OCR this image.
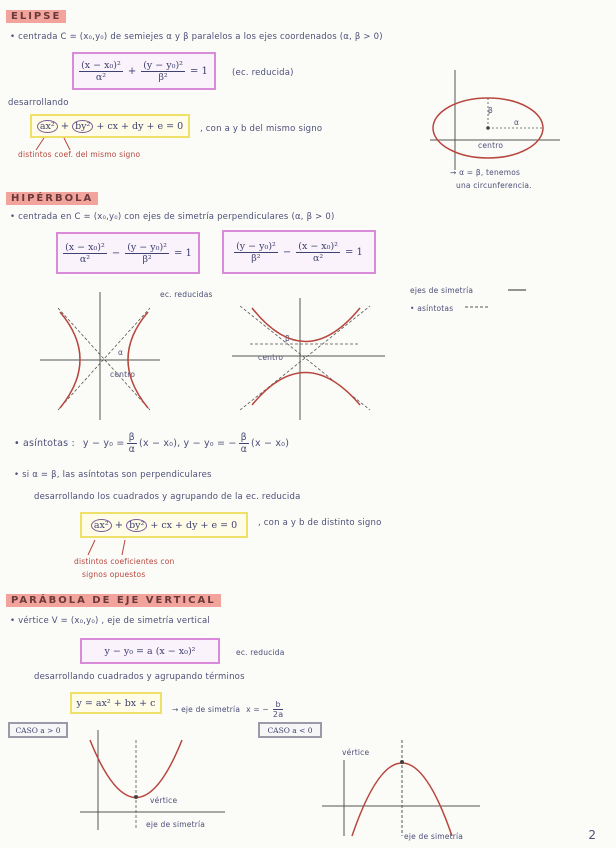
ELIPSE
• centrada C = (x₀,y₀) de semiejes α y β paralelos a los ejes coordenados (α, β > 0)
$\frac{\text{(x − x₀)²}}{\text{α²}} + \frac{\text{(y − y₀)²}}{\text{β²}} = 1$	(ec. reducida)
desarrollando
ax² + by² + cx + dy + e = 0 , con a y b del mismo signo
distintos coef. del mismo signo
β
α
centro
⇝ α = β, tenemos
una circunferencia.
HIPÉRBOLA
• centrada en C = (x₀,y₀) con ejes de simetría perpendiculares (α, β > 0)
$\frac{\text{(x − x₀)²}}{\text{α²}} - \frac{\text{(y − y₀)²}}{\text{β²}} = 1$	$\frac{\text{(y − y₀)²}}{\text{β²}} - \frac{\text{(x − x₀)²}}{\text{α²}} = 1$
ec. reducidas	ejes de simetría
• asíntotas
centro
centro
β
α
• asíntotas : $y - y_0 = \frac{\beta}{\alpha} (x - x_0)$ , y − y₀ = − $\frac{\beta}{\alpha} (x - x_0)$
• si α = β, las asíntotas son perpendiculares
desarrollando los cuadrados y agrupando de la ec. reducida
ax² + by² + cx + dy + e = 0 , con a y b de distinto signo
distintos coeficientes con
signos opuestos
PARÁBOLA DE EJE VERTICAL
• vértice V = (x₀,y₀) , eje de simetría vertical
y − y₀ = a (x − x₀)²	ec. reducida
desarrollando cuadrados y agrupando términos
y = ax² + bx + c
→ eje de simetría x = − $\frac{b}{2a}$
CASO a > 0	CASO a < 0
vértice
eje de simetría
vértice
eje de simetría	2
